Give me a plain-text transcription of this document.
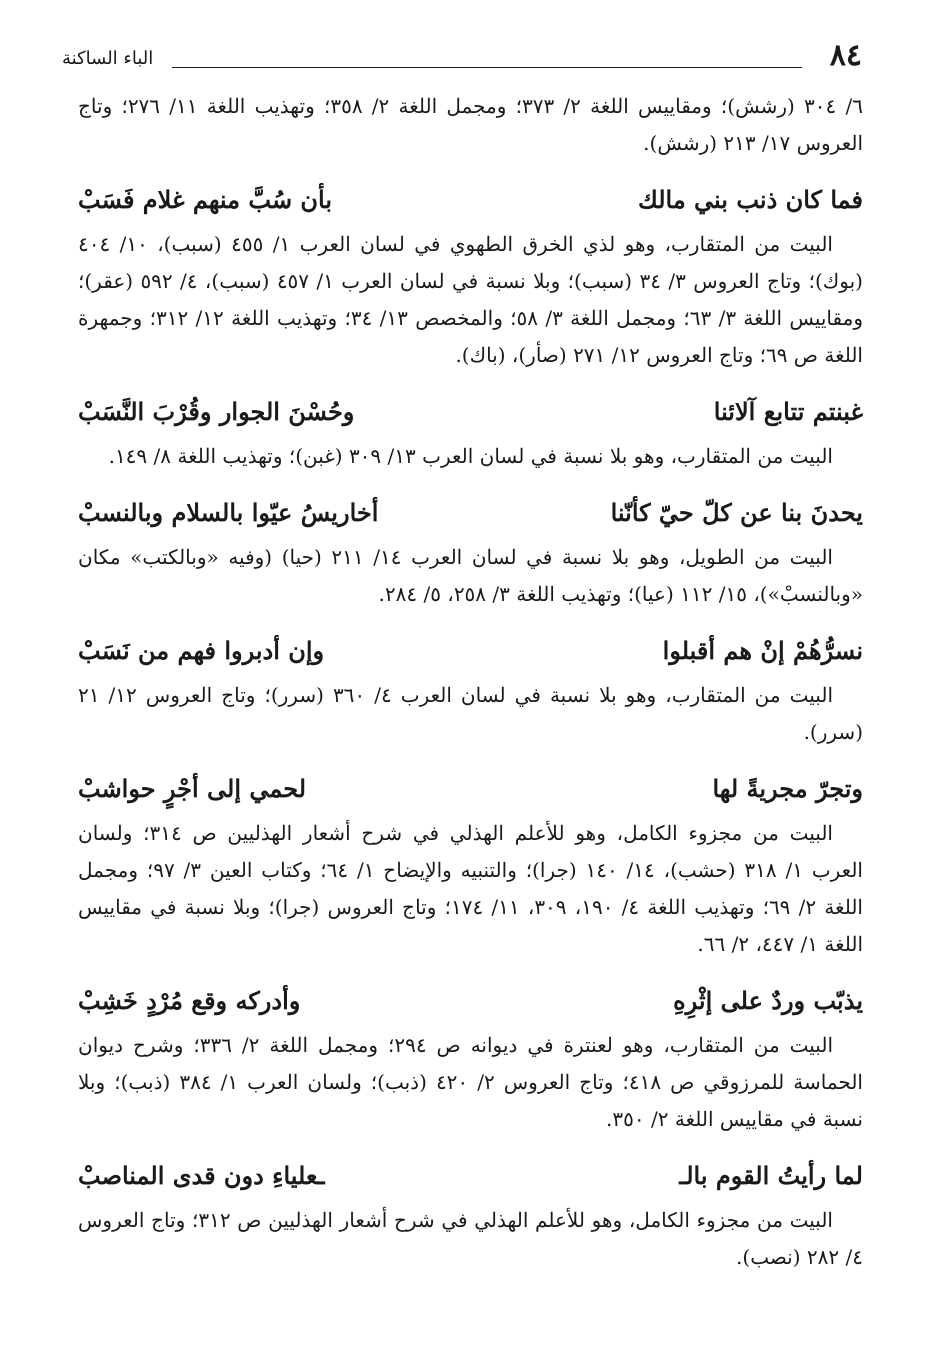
٨٤
الباء الساكنة

٦/ ٣٠٤ (رشش)؛ ومقاييس اللغة ٢/ ٣٧٣؛ ومجمل اللغة ٢/ ٣٥٨؛ وتهذيب اللغة ١١/ ٢٧٦؛ وتاج العروس ١٧/ ٢١٣ (رشش).

فما كان ذنب بني مالك
بأن سُبَّ منهم غلام فَسَبْ

البيت من المتقارب، وهو لذي الخرق الطهوي في لسان العرب ١/ ٤٥٥ (سبب)، ١٠/ ٤٠٤ (بوك)؛ وتاج العروس ٣/ ٣٤ (سبب)؛ وبلا نسبة في لسان العرب ١/ ٤٥٧ (سبب)، ٤/ ٥٩٢ (عقر)؛ ومقاييس اللغة ٣/ ٦٣؛ ومجمل اللغة ٣/ ٥٨؛ والمخصص ١٣/ ٣٤؛ وتهذيب اللغة ١٢/ ٣١٢؛ وجمهرة اللغة ص ٦٩؛ وتاج العروس ١٢/ ٢٧١ (صأر)، (باك).

غبنتم تتابع آلائنا
وحُسْنَ الجوار وقُرْبَ النَّسَبْ

البيت من المتقارب، وهو بلا نسبة في لسان العرب ١٣/ ٣٠٩ (غبن)؛ وتهذيب اللغة ٨/ ١٤٩.

يحدنَ بنا عن كلّ حيّ كأنّنا
أخاريسُ عيّوا بالسلام وبالنسبْ

البيت من الطويل، وهو بلا نسبة في لسان العرب ١٤/ ٢١١ (حيا) (وفيه «وبالكتب» مكان «وبالنسبْ»)، ١٥/ ١١٢ (عيا)؛ وتهذيب اللغة ٣/ ٢٥٨، ٥/ ٢٨٤.

نسرُّهُمْ إنْ هم أقبلوا
وإن أدبروا فهم من نَسَبْ

البيت من المتقارب، وهو بلا نسبة في لسان العرب ٤/ ٣٦٠ (سرر)؛ وتاج العروس ١٢/ ٢١ (سرر).

وتجرّ مجريةً لها
لحمي إلى أجْرٍ حواشبْ

البيت من مجزوء الكامل، وهو للأعلم الهذلي في شرح أشعار الهذليين ص ٣١٤؛ ولسان العرب ١/ ٣١٨ (حشب)، ١٤/ ١٤٠ (جرا)؛ والتنبيه والإيضاح ١/ ٦٤؛ وكتاب العين ٣/ ٩٧؛ ومجمل اللغة ٢/ ٦٩؛ وتهذيب اللغة ٤/ ١٩٠، ٣٠٩، ١١/ ١٧٤؛ وتاج العروس (جرا)؛ وبلا نسبة في مقاييس اللغة ١/ ٤٤٧، ٢/ ٦٦.

يذبّب وردٌ على إثْرِهِ
وأدركه وقع مُرْدٍ خَشِبْ

البيت من المتقارب، وهو لعنترة في ديوانه ص ٢٩٤؛ ومجمل اللغة ٢/ ٣٣٦؛ وشرح ديوان الحماسة للمرزوقي ص ٤١٨؛ وتاج العروس ٢/ ٤٢٠ (ذبب)؛ ولسان العرب ١/ ٣٨٤ (ذبب)؛ وبلا نسبة في مقاييس اللغة ٢/ ٣٥٠.

لما رأيتُ القوم بالـ
ـعلياءِ دون قدى المناصبْ

البيت من مجزوء الكامل، وهو للأعلم الهذلي في شرح أشعار الهذليين ص ٣١٢؛ وتاج العروس ٤/ ٢٨٢ (نصب).
